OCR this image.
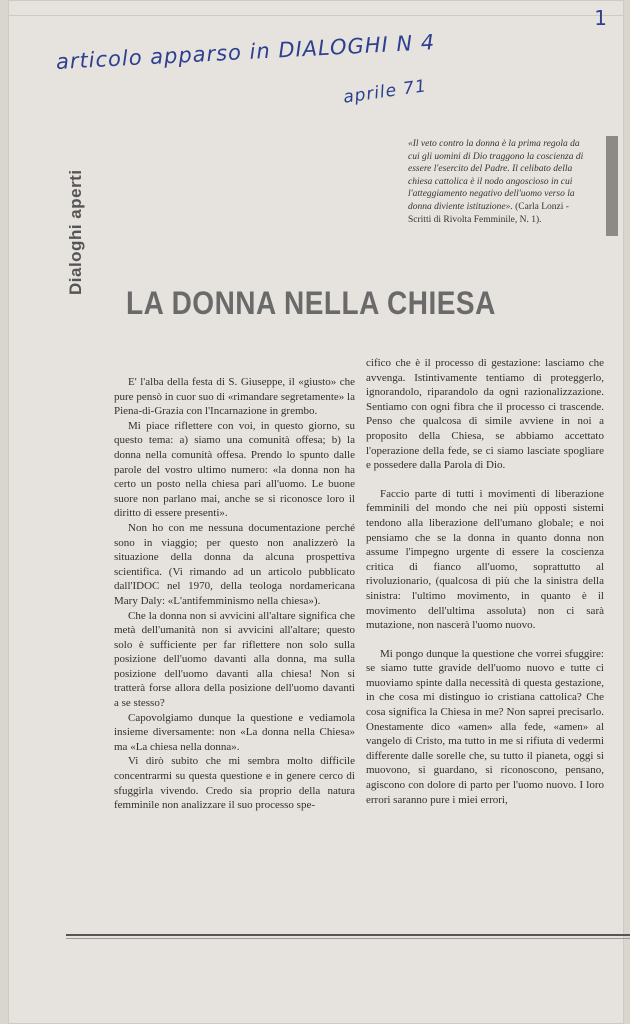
1
articolo apparso in DIALOGHI N 4
aprile 71
Dialoghi aperti
«Il veto contro la donna è la prima regola da cui gli uomini di Dio traggono la coscienza di essere l'esercito del Padre. Il celibato della chiesa cattolica è il nodo angoscioso in cui l'atteggiamento negativo dell'uomo verso la donna diviente istituzione». (Carla Lonzi - Scritti di Rivolta Femminile, N. 1).
LA DONNA NELLA CHIESA

E' l'alba della festa di S. Giuseppe, il «giusto» che pure pensò in cuor suo di «rimandare segretamente» la Piena-di-Grazia con l'Incarnazione in grembo.

Mi piace riflettere con voi, in questo giorno, su questo tema: a) siamo una comunità offesa; b) la donna nella comunità offesa. Prendo lo spunto dalle parole del vostro ultimo numero: «la donna non ha certo un posto nella chiesa pari all'uomo. Le buone suore non parlano mai, anche se si riconosce loro il diritto di essere presenti».

Non ho con me nessuna documentazione perché sono in viaggio; per questo non analizzerò la situazione della donna da alcuna prospettiva scientifica. (Vi rimando ad un articolo pubblicato dall'IDOC nel 1970, della teologa nordamericana Mary Daly: «L'antifemminismo nella chiesa»).

Che la donna non si avvicini all'altare significa che metà dell'umanità non si avvicini all'altare; questo solo è sufficiente per far riflettere non solo sulla posizione dell'uomo davanti alla donna, ma sulla posizione dell'uomo davanti alla chiesa! Non si tratterà forse allora della posizione dell'uomo davanti a se stesso?

Capovolgiamo dunque la questione e vediamola insieme diversamente: non «La donna nella Chiesa» ma «La chiesa nella donna».

Vi dirò subito che mi sembra molto difficile concentrarmi su questa questione e in genere cerco di sfuggirla vivendo. Credo sia proprio della natura femminile non analizzare il suo processo spe-

cifico che è il processo di gestazione: lasciamo che avvenga. Istintivamente tentiamo di proteggerlo, ignorandolo, riparandolo da ogni razionalizzazione. Sentiamo con ogni fibra che il processo ci trascende. Penso che qualcosa di simile avviene in noi a proposito della Chiesa, se abbiamo accettato l'operazione della fede, se ci siamo lasciate spogliare e possedere dalla Parola di Dio.

Faccio parte di tutti i movimenti di liberazione femminili del mondo che nei più opposti sistemi tendono alla liberazione dell'umano globale; e noi pensiamo che se la donna in quanto donna non assume l'impegno urgente di essere la coscienza critica di fianco all'uomo, soprattutto al rivoluzionario, (qualcosa di più che la sinistra della sinistra: l'ultimo movimento, in quanto è il movimento dell'ultima assoluta) non ci sarà mutazione, non nascerà l'uomo nuovo.

Mi pongo dunque la questione che vorrei sfuggire: se siamo tutte gravide dell'uomo nuovo e tutte ci muoviamo spinte dalla necessità di questa gestazione, in che cosa mi distinguo io cristiana cattolica? Che cosa significa la Chiesa in me? Non saprei precisarlo. Onestamente dico «amen» alla fede, «amen» al vangelo di Cristo, ma tutto in me si rifiuta di vedermi differente dalle sorelle che, su tutto il pianeta, oggi si muovono, si guardano, si riconoscono, pensano, agiscono con dolore di parto per l'uomo nuovo. I loro errori saranno pure i miei errori,
